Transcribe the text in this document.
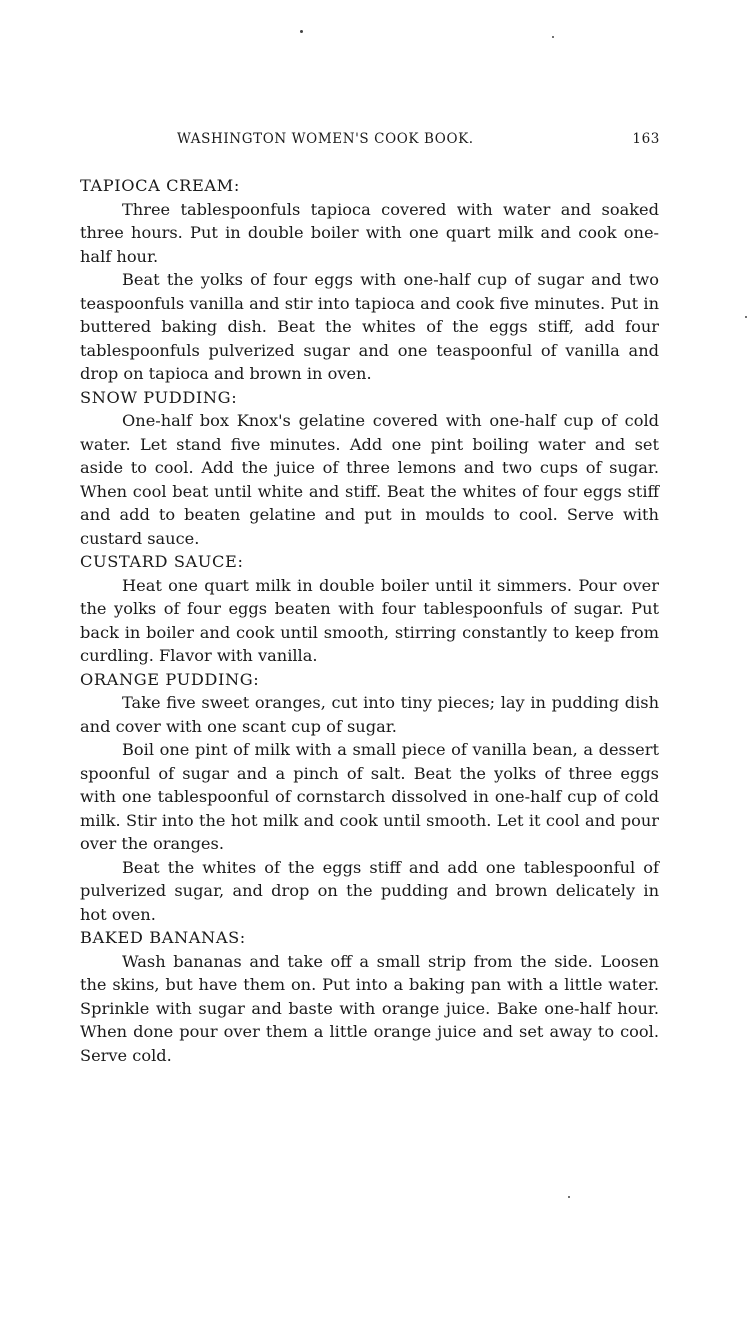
WASHINGTON WOMEN'S COOK BOOK.	163

TAPIOCA CREAM:

Three tablespoonfuls tapioca covered with water and soaked three hours. Put in double boiler with one quart milk and cook one-half hour.

Beat the yolks of four eggs with one-half cup of sugar and two teaspoonfuls vanilla and stir into tapioca and cook five minutes. Put in buttered baking dish. Beat the whites of the eggs stiff, add four tablespoonfuls pulverized sugar and one teaspoonful of vanilla and drop on tapioca and brown in oven.

SNOW PUDDING:

One-half box Knox's gelatine covered with one-half cup of cold water. Let stand five minutes. Add one pint boiling water and set aside to cool. Add the juice of three lemons and two cups of sugar. When cool beat until white and stiff. Beat the whites of four eggs stiff and add to beaten gelatine and put in moulds to cool. Serve with custard sauce.

CUSTARD SAUCE:

Heat one quart milk in double boiler until it simmers. Pour over the yolks of four eggs beaten with four tablespoonfuls of sugar. Put back in boiler and cook until smooth, stirring constantly to keep from curdling. Flavor with vanilla.

ORANGE PUDDING:

Take five sweet oranges, cut into tiny pieces; lay in pudding dish and cover with one scant cup of sugar.

Boil one pint of milk with a small piece of vanilla bean, a dessert spoonful of sugar and a pinch of salt. Beat the yolks of three eggs with one tablespoonful of cornstarch dissolved in one-half cup of cold milk. Stir into the hot milk and cook until smooth. Let it cool and pour over the oranges.

Beat the whites of the eggs stiff and add one tablespoonful of pulverized sugar, and drop on the pudding and brown delicately in hot oven.

BAKED BANANAS:

Wash bananas and take off a small strip from the side. Loosen the skins, but have them on. Put into a baking pan with a little water. Sprinkle with sugar and baste with orange juice. Bake one-half hour. When done pour over them a little orange juice and set away to cool. Serve cold.
